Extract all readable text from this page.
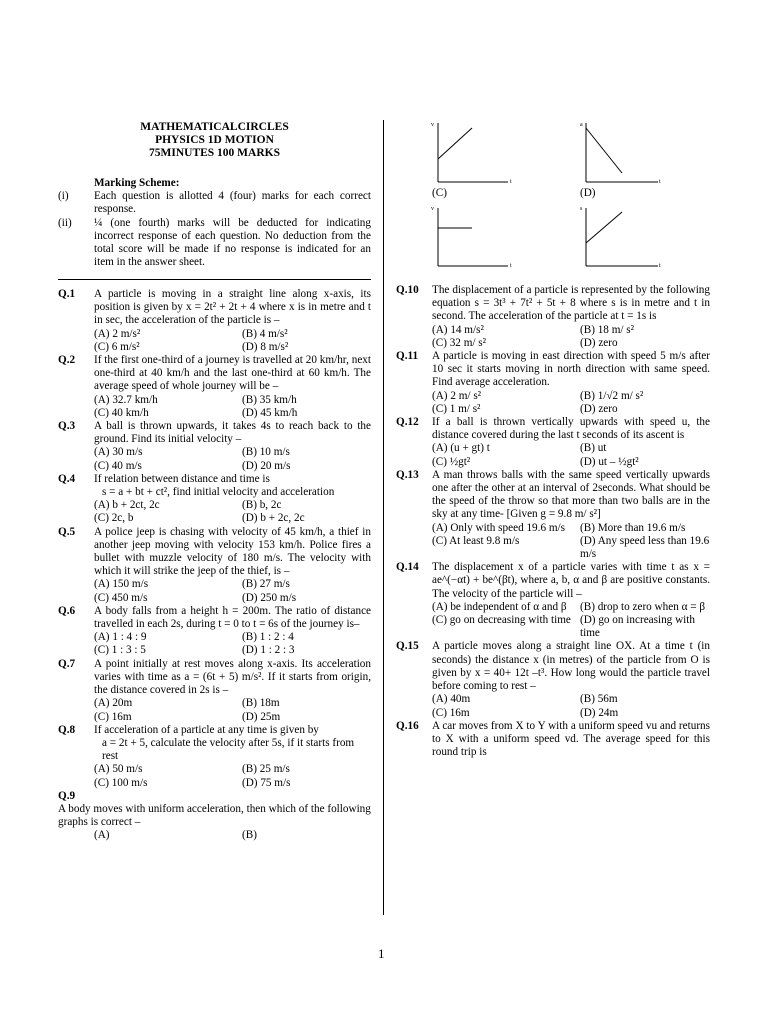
MATHEMATICALCIRCLES
PHYSICS 1D MOTION
75MINUTES 100 MARKS
Marking Scheme:
(i) Each question is allotted 4 (four) marks for each correct response.
(ii) ¼ (one fourth) marks will be deducted for indicating incorrect response of each question. No deduction from the total score will be made if no response is indicated for an item in the answer sheet.
Q.1 A particle is moving in a straight line along x-axis, its position is given by x = 2t² + 2t + 4 where x is in metre and t in sec, the acceleration of the particle is –
(A) 2 m/s²	(B) 4 m/s²
(C) 6 m/s²	(D) 8 m/s²
Q.2 If the first one-third of a journey is travelled at 20 km/hr, next one-third at 40 km/h and the last one-third at 60 km/h. The average speed of whole journey will be –
(A) 32.7 km/h	(B) 35 km/h
(C) 40 km/h	(D) 45 km/h
Q.3 A ball is thrown upwards, it takes 4s to reach back to the ground. Find its initial velocity –
(A) 30 m/s	(B) 10 m/s
(C) 40 m/s	(D) 20 m/s
Q.4 If relation between distance and time is
s = a + bt + ct², find initial velocity and acceleration
(A) b + 2ct, 2c	(B) b, 2c
(C) 2c, b	(D) b + 2c, 2c
Q.5 A police jeep is chasing with velocity of 45 km/h, a thief in another jeep moving with velocity 153 km/h. Police fires a bullet with muzzle velocity of 180 m/s. The velocity with which it will strike the jeep of the thief, is –
(A) 150 m/s	(B) 27 m/s
(C) 450 m/s	(D) 250 m/s
Q.6 A body falls from a height h = 200m. The ratio of distance travelled in each 2s, during t = 0 to t = 6s of the journey is–
(A) 1 : 4 : 9	(B) 1 : 2 : 4
(C) 1 : 3 : 5	(D) 1 : 2 : 3
Q.7 A point initially at rest moves along x-axis. Its acceleration varies with time as a = (6t + 5) m/s². If it starts from origin, the distance covered in 2s is –
(A) 20m	(B) 18m
(C) 16m	(D) 25m
Q.8 If acceleration of a particle at any time is given by
a = 2t + 5, calculate the velocity after 5s, if it starts from rest
(A) 50 m/s	(B) 25 m/s
(C) 100 m/s	(D) 75 m/s
Q.9
A body moves with uniform acceleration, then which of the following graphs is correct –
(A)	(B)
v
t
a
t
v
t
s
t
(C)	(D)
Q.10 The displacement of a particle is represented by the following equation s = 3t³ + 7t² + 5t + 8 where s is in metre and t in second. The acceleration of the particle at t = 1s is
(A) 14 m/s²	(B) 18 m/ s²
(C) 32 m/ s²	(D) zero
Q.11 A particle is moving in east direction with speed 5 m/s after 10 sec it starts moving in north direction with same speed. Find average acceleration.
(A) 2 m/ s²	(B) 1/√2 m/ s²
(C) 1 m/ s²	(D) zero
Q.12 If a ball is thrown vertically upwards with speed u, the distance covered during the last t seconds of its ascent is
(A) (u + gt) t	(B) ut
(C) ½gt²	(D) ut – ½gt²
Q.13 A man throws balls with the same speed vertically upwards one after the other at an interval of 2seconds. What should be the speed of the throw so that more than two balls are in the sky at any time- [Given g = 9.8 m/ s²]
(A) Only with speed 19.6 m/s	(B) More than 19.6 m/s
(C) At least 9.8 m/s	(D) Any speed less than 19.6 m/s
Q.14 The displacement x of a particle varies with time t as x = ae^(−αt) + be^(βt), where a, b, α and β are positive constants. The velocity of the particle will –
(A) be independent of α and β	(B) drop to zero when α = β
(C) go on decreasing with time (D) go on increasing with time
Q.15 A particle moves along a straight line OX. At a time t (in seconds) the distance x (in metres) of the particle from O is given by x = 40+ 12t –t³. How long would the particle travel before coming to rest –
(A) 40m	(B) 56m
(C) 16m	(D) 24m
Q.16 A car moves from X to Y with a uniform speed vu and returns to X with a uniform speed vd. The average speed for this round trip is
1
